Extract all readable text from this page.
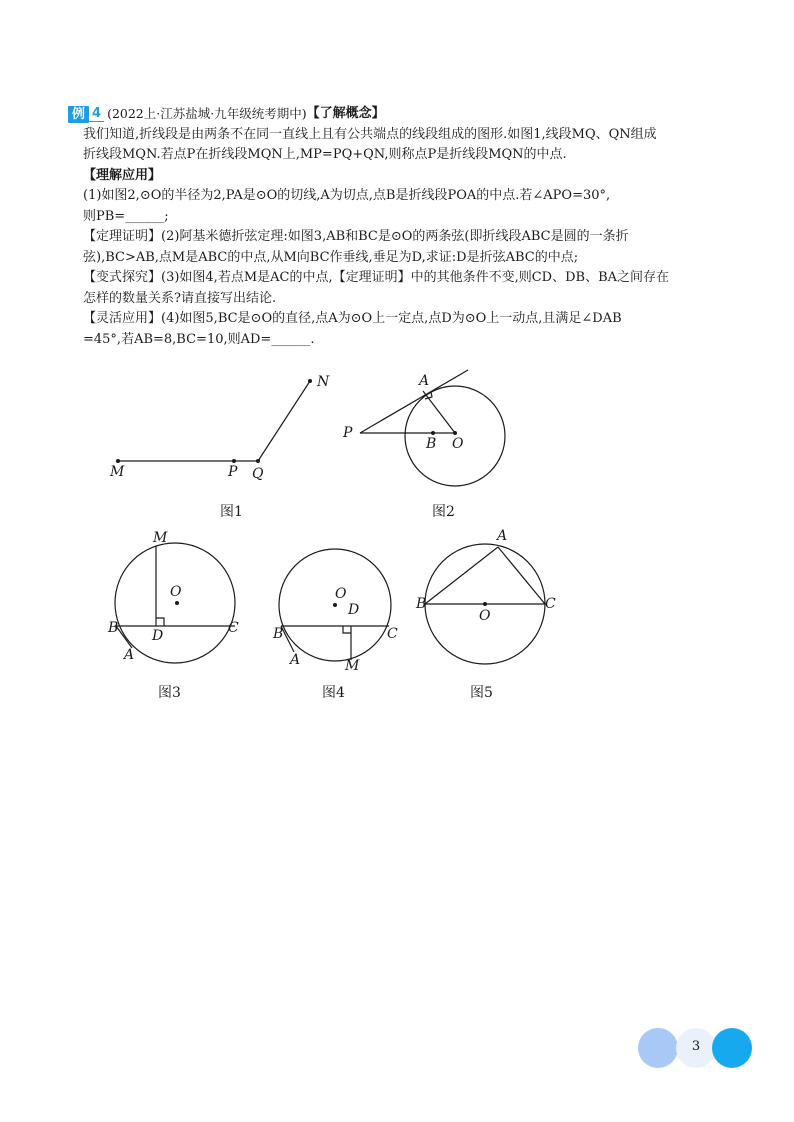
例 4 (2022上·江苏盐城·九年级统考期中) 【了解概念】
我们知道,折线段是由两条不在同一直线上且有公共端点的线段组成的图形.如图1,线段MQ、QN组成
折线段MQN.若点P在折线段MQN上,MP=PQ+QN,则称点P是折线段MQN的中点.
【理解应用】
(1)如图2,⊙O的半径为2,PA是⊙O的切线,A为切点,点B是折线段POA的中点.若∠APO=30°,
则PB=______;
【定理证明】(2)阿基米德折弦定理:如图3,AB和BC是⊙O的两条弦(即折线段ABC是圆的一条折
弦),BC>AB,点M是ABC的中点,从M向BC作垂线,垂足为D,求证:D是折弦ABC的中点;
【变式探究】(3)如图4,若点M是AC的中点,【定理证明】中的其他条件不变,则CD、DB、BA之间存在
怎样的数量关系?请直接写出结论.
【灵活应用】(4)如图5,BC是⊙O的直径,点A为⊙O上一定点,点D为⊙O上一动点,且满足∠DAB
=45°,若AB=8,BC=10,则AD=______.
M	P Q
N
图1
A
P
B O
图2
M
O
B D	C
A
图3
O
D
B	C
A	M
图4
A
B	C
O
图5
3
